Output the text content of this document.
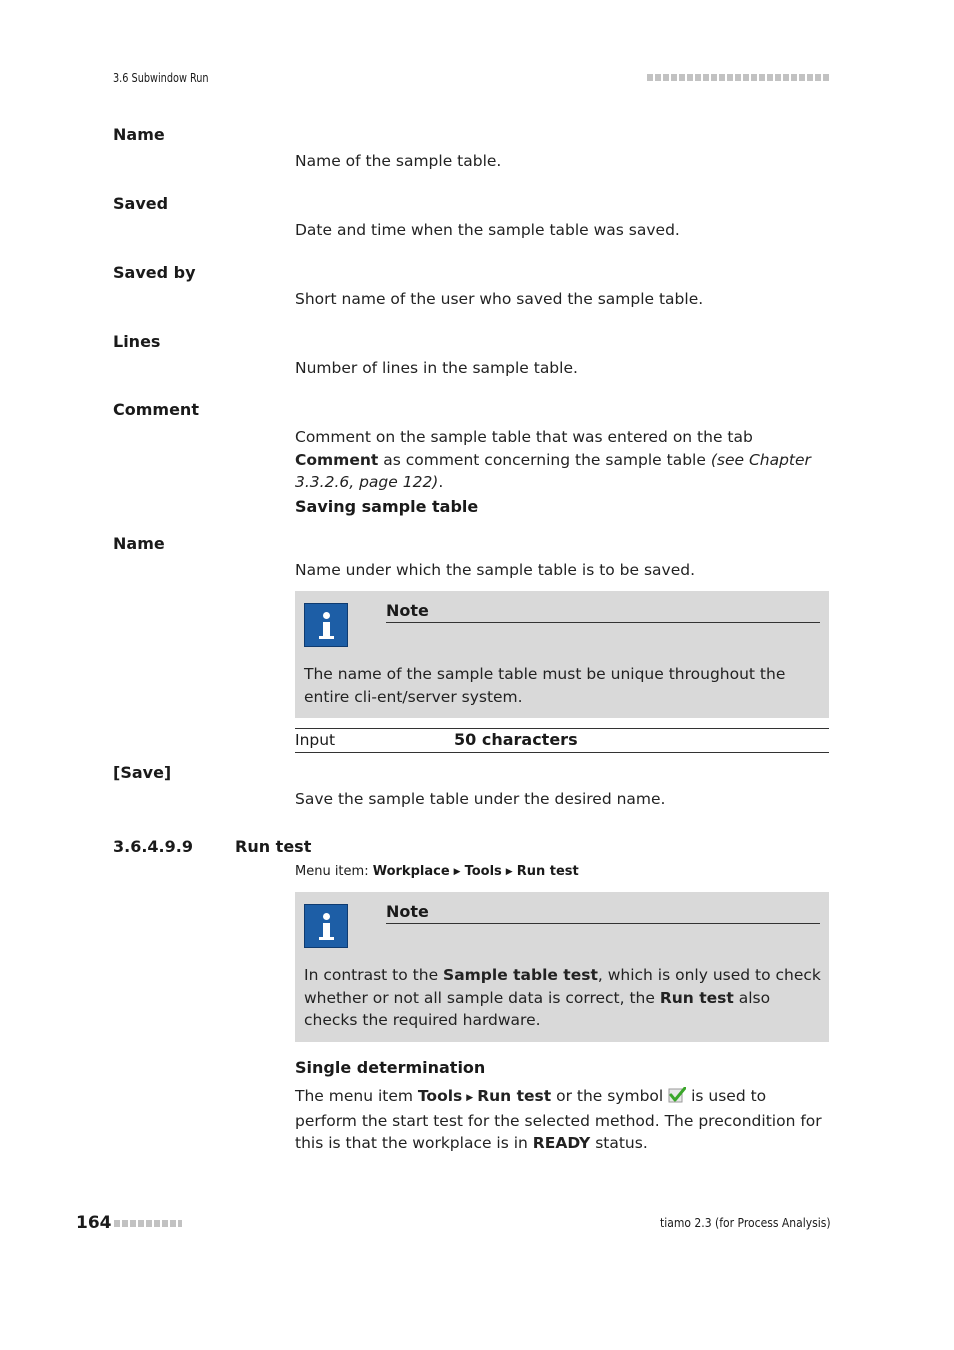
3.6 Subwindow Run
Name
Name of the sample table.
Saved
Date and time when the sample table was saved.
Saved by
Short name of the user who saved the sample table.
Lines
Number of lines in the sample table.
Comment
Comment on the sample table that was entered on the tab Comment as comment concerning the sample table (see Chapter 3.3.2.6, page 122).
Saving sample table
Name
Name under which the sample table is to be saved.
Note
The name of the sample table must be unique throughout the entire cli-ent/server system.
Input	50 characters
[Save]
Save the sample table under the desired name.
3.6.4.9.9	Run test
Menu item: Workplace ▶ Tools ▶ Run test
Note
In contrast to the Sample table test, which is only used to check whether or not all sample data is correct, the Run test also checks the required hardware.
Single determination
The menu item Tools ▶ Run test or the symbol  is used to perform the start test for the selected method. The precondition for this is that the workplace is in READY status.
164	tiamo 2.3 (for Process Analysis)
